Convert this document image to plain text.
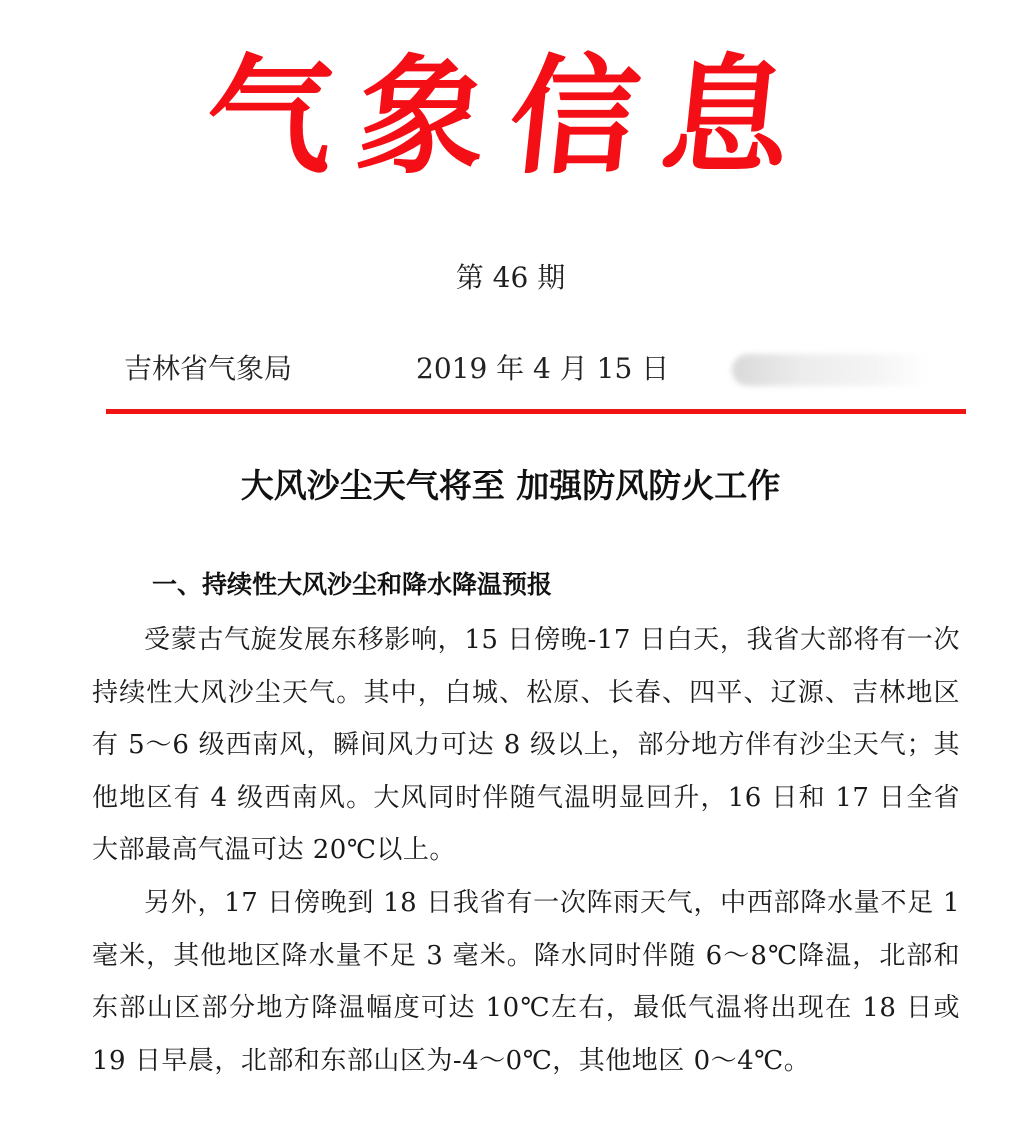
气象信息
第 46 期
吉林省气象局	2019 年 4 月 15 日
大风沙尘天气将至 加强防风防火工作
一、持续性大风沙尘和降水降温预报

受蒙古气旋发展东移影响，15 日傍晚-17 日白天，我省大部将有一次持续性大风沙尘天气。其中，白城、松原、长春、四平、辽源、吉林地区有 5～6 级西南风，瞬间风力可达 8 级以上，部分地方伴有沙尘天气；其他地区有 4 级西南风。大风同时伴随气温明显回升，16 日和 17 日全省大部最高气温可达 20℃以上。

另外，17 日傍晚到 18 日我省有一次阵雨天气，中西部降水量不足 1 毫米，其他地区降水量不足 3 毫米。降水同时伴随 6～8℃降温，北部和东部山区部分地方降温幅度可达 10℃左右，最低气温将出现在 18 日或 19 日早晨，北部和东部山区为-4～0℃，其他地区 0～4℃。
